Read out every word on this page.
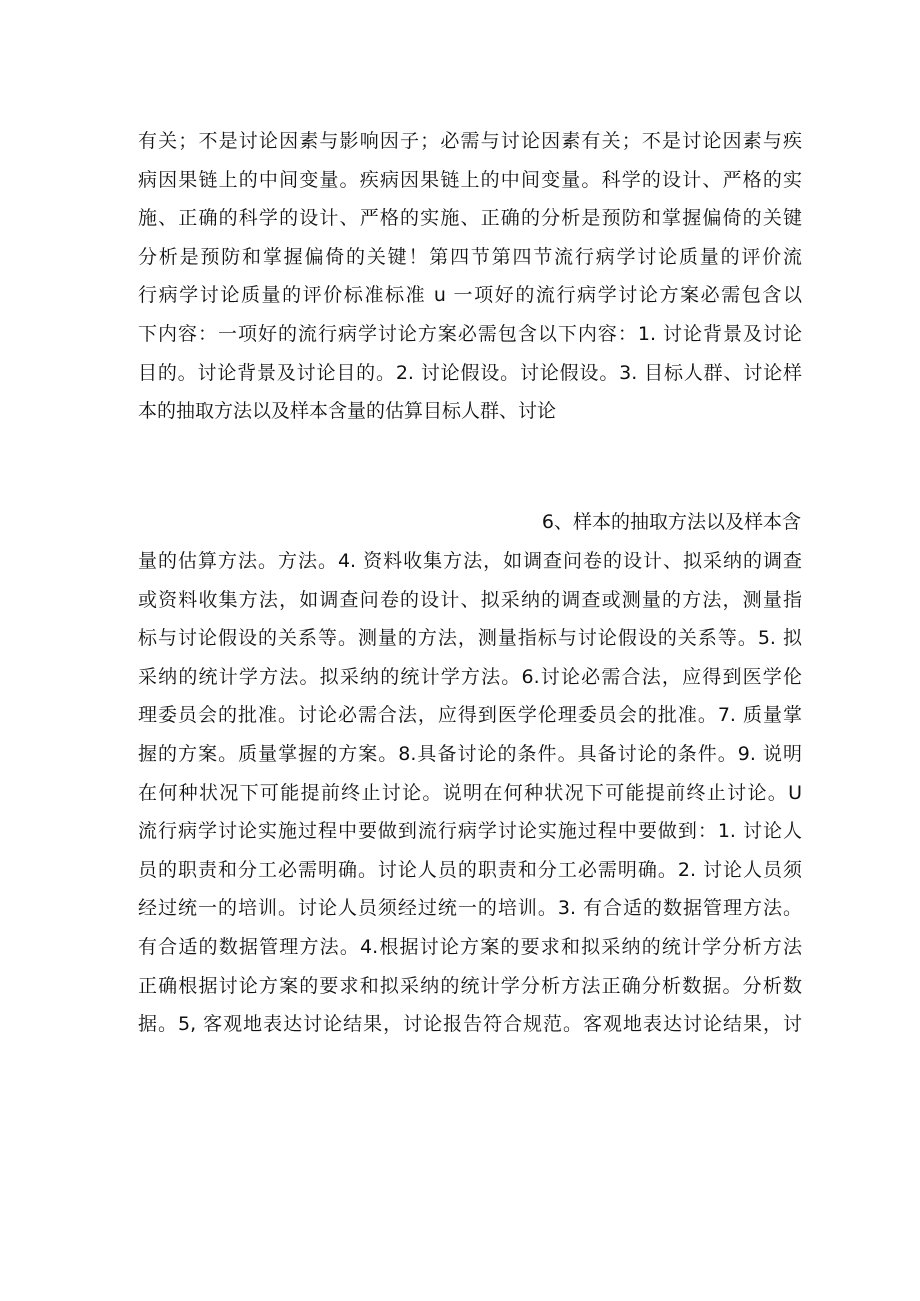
有关；不是讨论因素与影响因子；必需与讨论因素有关；不是讨论因素与疾
病因果链上的中间变量。疾病因果链上的中间变量。科学的设计、严格的实
施、正确的科学的设计、严格的实施、正确的分析是预防和掌握偏倚的关键
分析是预防和掌握偏倚的关键！第四节第四节流行病学讨论质量的评价流
行病学讨论质量的评价标准标准 u 一项好的流行病学讨论方案必需包含以
下内容：一项好的流行病学讨论方案必需包含以下内容：1. 讨论背景及讨论
目的。讨论背景及讨论目的。2. 讨论假设。讨论假设。3. 目标人群、讨论样
本的抽取方法以及样本含量的估算目标人群、讨论
6、样本的抽取方法以及样本含
量的估算方法。方法。4. 资料收集方法，如调查问卷的设计、拟采纳的调查
或资料收集方法，如调查问卷的设计、拟采纳的调查或测量的方法，测量指
标与讨论假设的关系等。测量的方法，测量指标与讨论假设的关系等。5. 拟
采纳的统计学方法。拟采纳的统计学方法。6.讨论必需合法，应得到医学伦
理委员会的批准。讨论必需合法，应得到医学伦理委员会的批准。7. 质量掌
握的方案。质量掌握的方案。8.具备讨论的条件。具备讨论的条件。9. 说明
在何种状况下可能提前终止讨论。说明在何种状况下可能提前终止讨论。U
流行病学讨论实施过程中要做到流行病学讨论实施过程中要做到：1. 讨论人
员的职责和分工必需明确。讨论人员的职责和分工必需明确。2. 讨论人员须
经过统一的培训。讨论人员须经过统一的培训。3. 有合适的数据管理方法。
有合适的数据管理方法。4.根据讨论方案的要求和拟采纳的统计学分析方法
正确根据讨论方案的要求和拟采纳的统计学分析方法正确分析数据。分析数
据。5, 客观地表达讨论结果，讨论报告符合规范。客观地表达讨论结果，讨
